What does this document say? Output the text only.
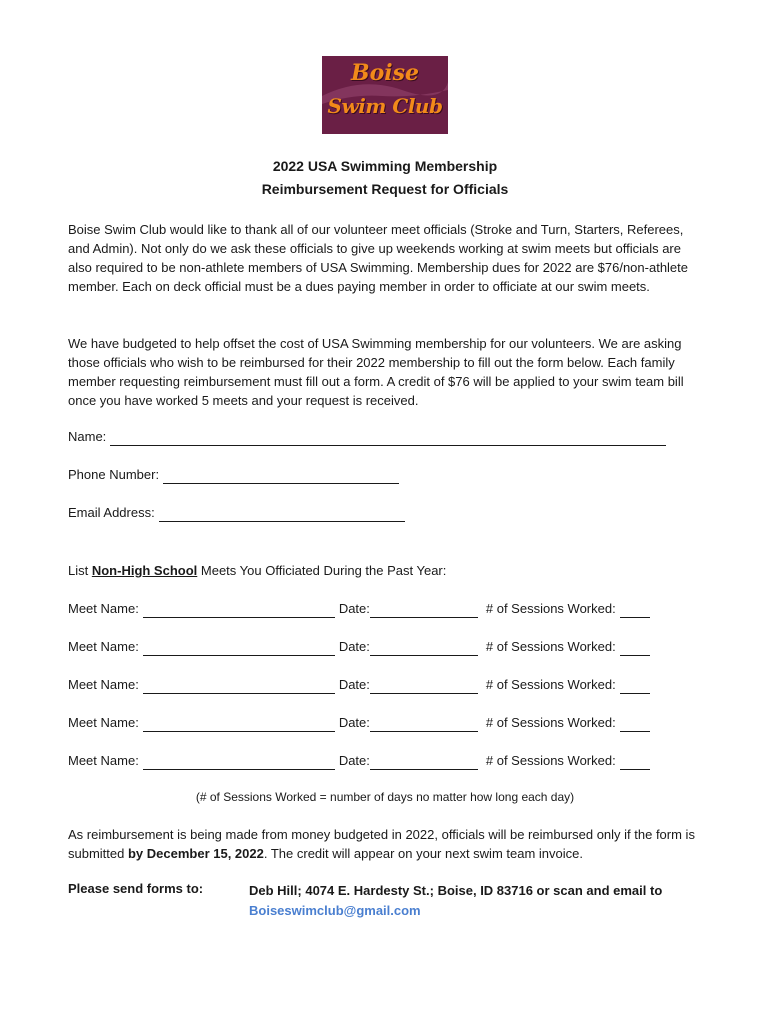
Boise
Swim Club
2022 USA Swimming Membership
Reimbursement Request for Officials

Boise Swim Club would like to thank all of our volunteer meet officials (Stroke and Turn, Starters, Referees, and Admin). Not only do we ask these officials to give up weekends working at swim meets but officials are also required to be non-athlete members of USA Swimming. Membership dues for 2022 are $76/non-athlete member. Each on deck official must be a dues paying member in order to officiate at our swim meets.

We have budgeted to help offset the cost of USA Swimming membership for our volunteers. We are asking those officials who wish to be reimbursed for their 2022 membership to fill out the form below. Each family member requesting reimbursement must fill out a form. A credit of $76 will be applied to your swim team bill once you have worked 5 meets and your request is received.

Name:
Phone Number:
Email Address:
List Non-High School Meets You Officiated During the Past Year:
Meet Name:	Date:	# of Sessions Worked:
Meet Name:	Date:	# of Sessions Worked:
Meet Name:	Date:	# of Sessions Worked:
Meet Name:	Date:	# of Sessions Worked:
Meet Name:	Date:	# of Sessions Worked:
(# of Sessions Worked = number of days no matter how long each day)

As reimbursement is being made from money budgeted in 2022, officials will be reimbursed only if the form is submitted by December 15, 2022. The credit will appear on your next swim team invoice.

Please send forms to:	Deb Hill; 4074 E. Hardesty St.; Boise, ID 83716 or scan and email to
Boiseswimclub@gmail.com
